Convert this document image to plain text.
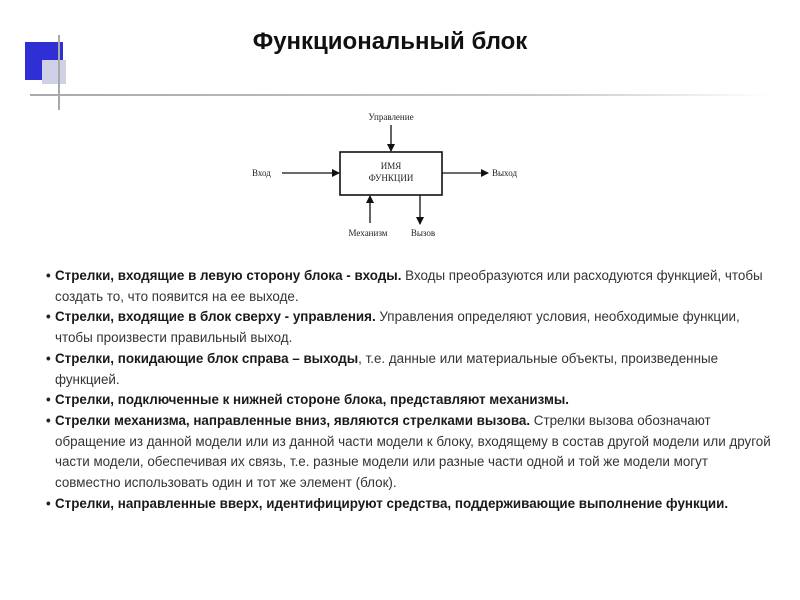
Функциональный блок
ИМЯ
ФУНКЦИИ
Управление
Вход	Выход
Механизм	Вызов
• Стрелки, входящие в левую сторону блока - входы. Входы преобразуются или расходуются функцией, чтобы создать то, что появится на ее выходе.
• Стрелки, входящие в блок сверху - управления. Управления определяют условия, необходимые функции, чтобы произвести правильный выход.
• Стрелки, покидающие блок справа – выходы, т.е. данные или материальные объекты, произведенные функцией.
• Стрелки, подключенные к нижней стороне блока, представляют механизмы.
• Стрелки механизма, направленные вниз, являются стрелками вызова. Стрелки вызова обозначают обращение из данной модели или из данной части модели к блоку, входящему в состав другой модели или другой части модели, обеспечивая их связь, т.е. разные модели или разные части одной и той же модели могут совместно использовать один и тот же элемент (блок).
• Стрелки, направленные вверх, идентифицируют средства, поддерживающие выполнение функции.
